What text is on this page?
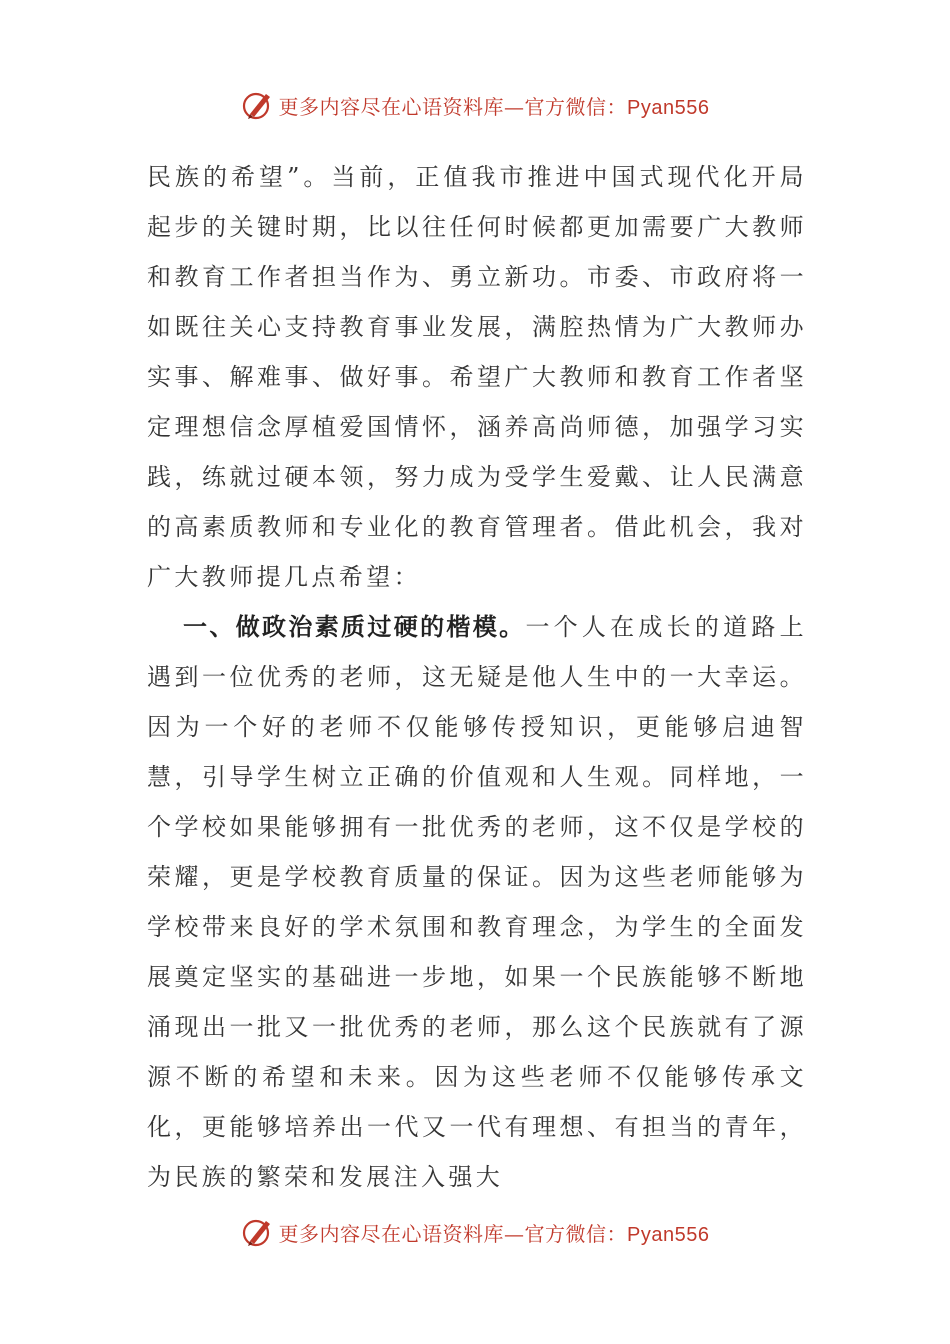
更多内容尽在心语资料库—官方微信：Pyan556

民族的希望”。当前，正值我市推进中国式现代化开局起步的关键时期，比以往任何时候都更加需要广大教师和教育工作者担当作为、勇立新功。市委、市政府将一如既往关心支持教育事业发展，满腔热情为广大教师办实事、解难事、做好事。希望广大教师和教育工作者坚定理想信念厚植爱国情怀，涵养高尚师德，加强学习实践，练就过硬本领，努力成为受学生爱戴、让人民满意的高素质教师和专业化的教育管理者。借此机会，我对广大教师提几点希望：

一、做政治素质过硬的楷模。一个人在成长的道路上遇到一位优秀的老师，这无疑是他人生中的一大幸运。因为一个好的老师不仅能够传授知识，更能够启迪智慧，引导学生树立正确的价值观和人生观。同样地，一个学校如果能够拥有一批优秀的老师，这不仅是学校的荣耀，更是学校教育质量的保证。因为这些老师能够为学校带来良好的学术氛围和教育理念，为学生的全面发展奠定坚实的基础进一步地，如果一个民族能够不断地涌现出一批又一批优秀的老师，那么这个民族就有了源源不断的希望和未来。因为这些老师不仅能够传承文化，更能够培养出一代又一代有理想、有担当的青年，为民族的繁荣和发展注入强大

更多内容尽在心语资料库—官方微信：Pyan556
